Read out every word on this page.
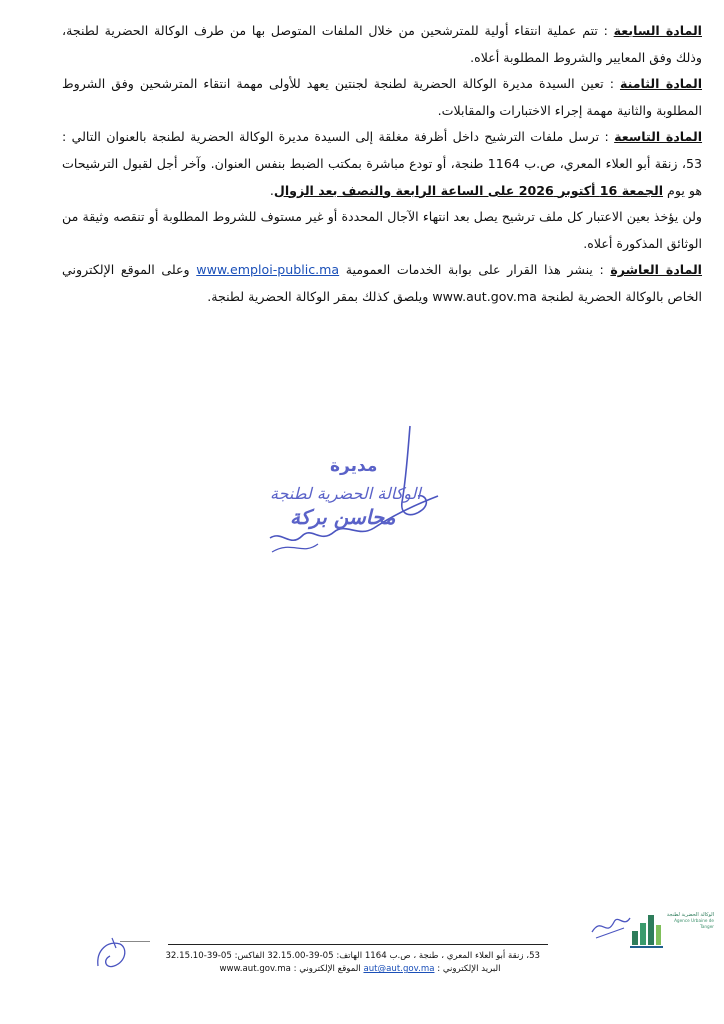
المادة السابعة : تتم عملية انتقاء أولية للمترشحين من خلال الملفات المتوصل بها من طرف الوكالة الحضرية لطنجة، وذلك وفق المعايير والشروط المطلوبة أعلاه.

المادة الثامنة : تعين السيدة مديرة الوكالة الحضرية لطنجة لجنتين يعهد للأولى مهمة انتقاء المترشحين وفق الشروط المطلوبة والثانية مهمة إجراء الاختبارات والمقابلات.

المادة التاسعة : ترسل ملفات الترشيح داخل أظرفة مغلقة إلى السيدة مديرة الوكالة الحضرية لطنجة بالعنوان التالي : 53، زنقة أبو العلاء المعري، ص.ب 1164 طنجة، أو تودع مباشرة بمكتب الضبط بنفس العنوان. وآخر أجل لقبول الترشيحات هو يوم الجمعة 16 أكتوبر 2026 على الساعة الرابعة والنصف بعد الزوال.

ولن يؤخذ بعين الاعتبار كل ملف ترشيح يصل بعد انتهاء الآجال المحددة أو غير مستوف للشروط المطلوبة أو تنقصه وثيقة من الوثائق المذكورة أعلاه.

المادة العاشرة : ينشر هذا القرار على بوابة الخدمات العمومية www.emploi-public.ma وعلى الموقع الإلكتروني الخاص بالوكالة الحضرية لطنجة www.aut.gov.ma ويلصق كذلك بمقر الوكالة الحضرية لطنجة.

مديرة
الوكالة الحضرية لطنجة
محاسن بركة
53، زنقة أبو العلاء المعري ، طنجة ، ص.ب 1164 الهاتف: 05-39-32.15.00 الفاكس: 05-39-32.15.10
البريد الإلكتروني : aut@aut.gov.ma الموقع الإلكتروني : www.aut.gov.ma
الوكالة الحضرية لطنجة
Agence Urbaine de Tanger
